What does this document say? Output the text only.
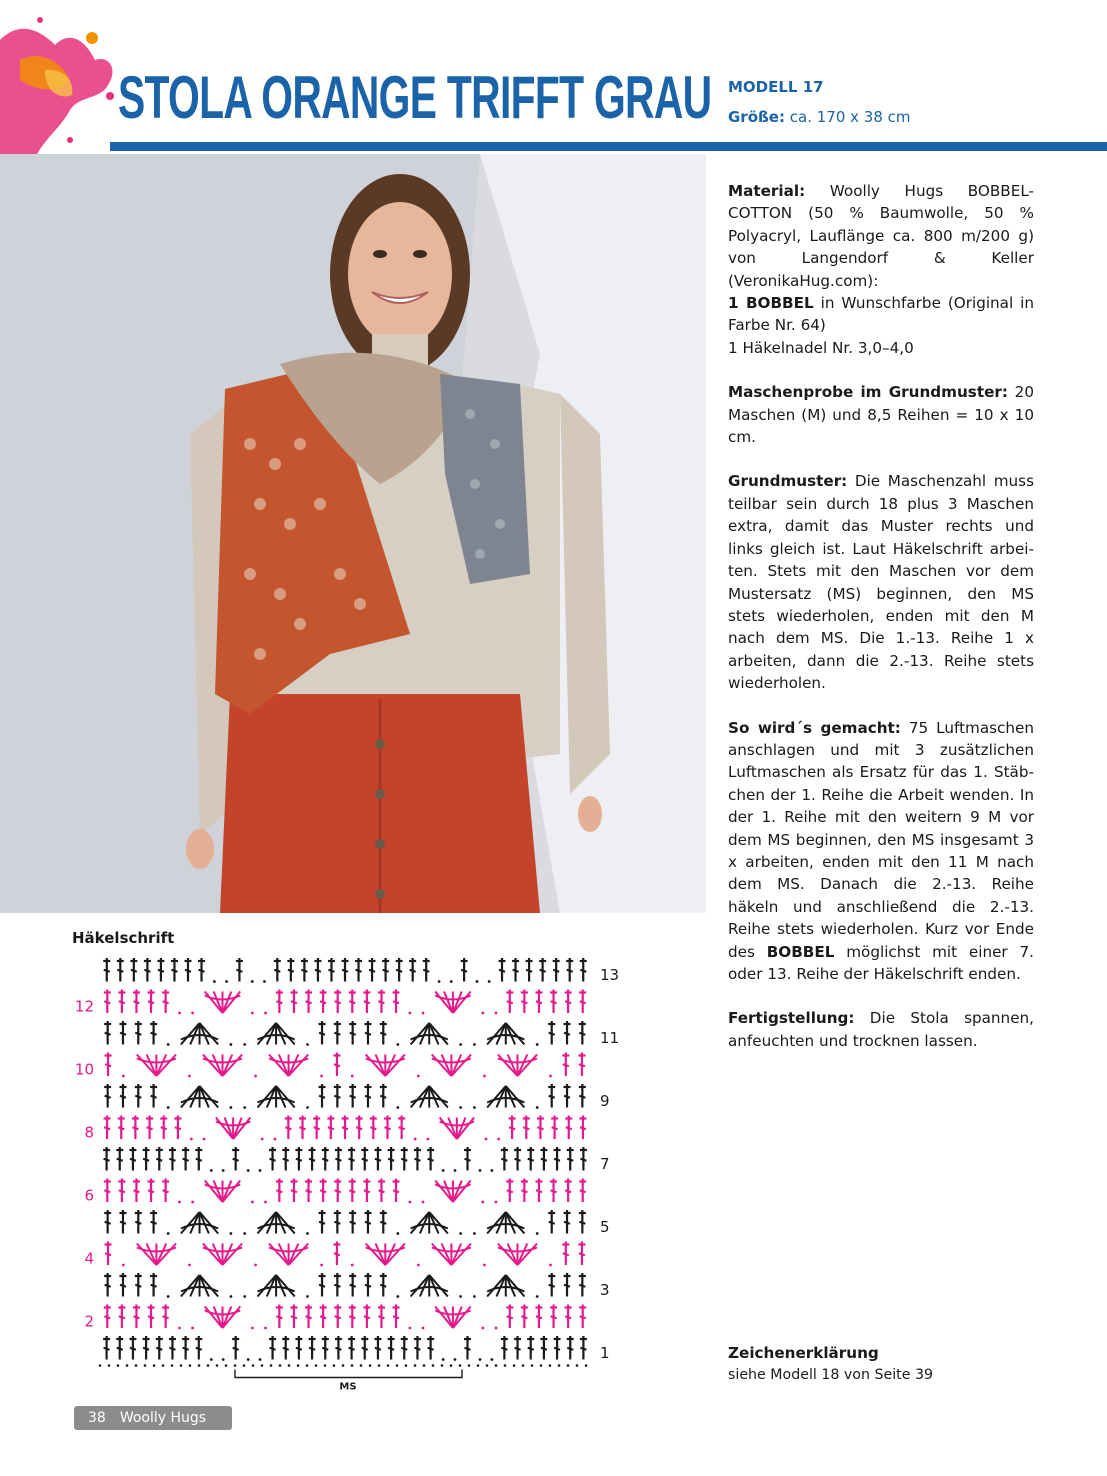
STOLA ORANGE TRIFFT GRAU MODELL 17
Größe: ca. 170 x 38 cm

Material: Woolly Hugs BOBBEL-COTTON (50 % Baumwolle, 50 % Polyacryl, Lauflänge ca. 800 m/200 g) von Langendorf & Keller (VeronikaHug.com):
1 BOBBEL in Wunschfarbe (Original in Farbe Nr. 64)
1 Häkelnadel Nr. 3,0–4,0

Maschenprobe im Grundmuster: 20 Maschen (M) und 8,5 Reihen = 10 x 10 cm.

Grundmuster: Die Maschenzahl muss teilbar sein durch 18 plus 3 Maschen extra, damit das Muster rechts und links gleich ist. Laut Häkelschrift arbeiten. Stets mit den Maschen vor dem Mustersatz (MS) beginnen, den MS stets wiederholen, enden mit den M nach dem MS. Die 1.-13. Reihe 1 x arbeiten, dann die 2.-13. Reihe stets wiederholen.

So wird´s gemacht: 75 Luftmaschen anschlagen und mit 3 zusätzlichen Luftmaschen als Ersatz für das 1. Stäbchen der 1. Reihe die Arbeit wenden. In der 1. Reihe mit den weitern 9 M vor dem MS beginnen, den MS insgesamt 3 x arbeiten, enden mit den 11 M nach dem MS. Danach die 2.-13. Reihe häkeln und anschließend die 2.-13. Reihe stets wiederholen. Kurz vor Ende des BOBBEL möglichst mit einer 7. oder 13. Reihe der Häkelschrift enden.

Fertigstellung: Die Stola spannen, anfeuchten und trocknen lassen.

Zeichenerklärung
siehe Modell 18 von Seite 39
Häkelschrift
13
12
11
10
9
8
7
6
5
4
3
2
1
MS
38 Woolly Hugs
